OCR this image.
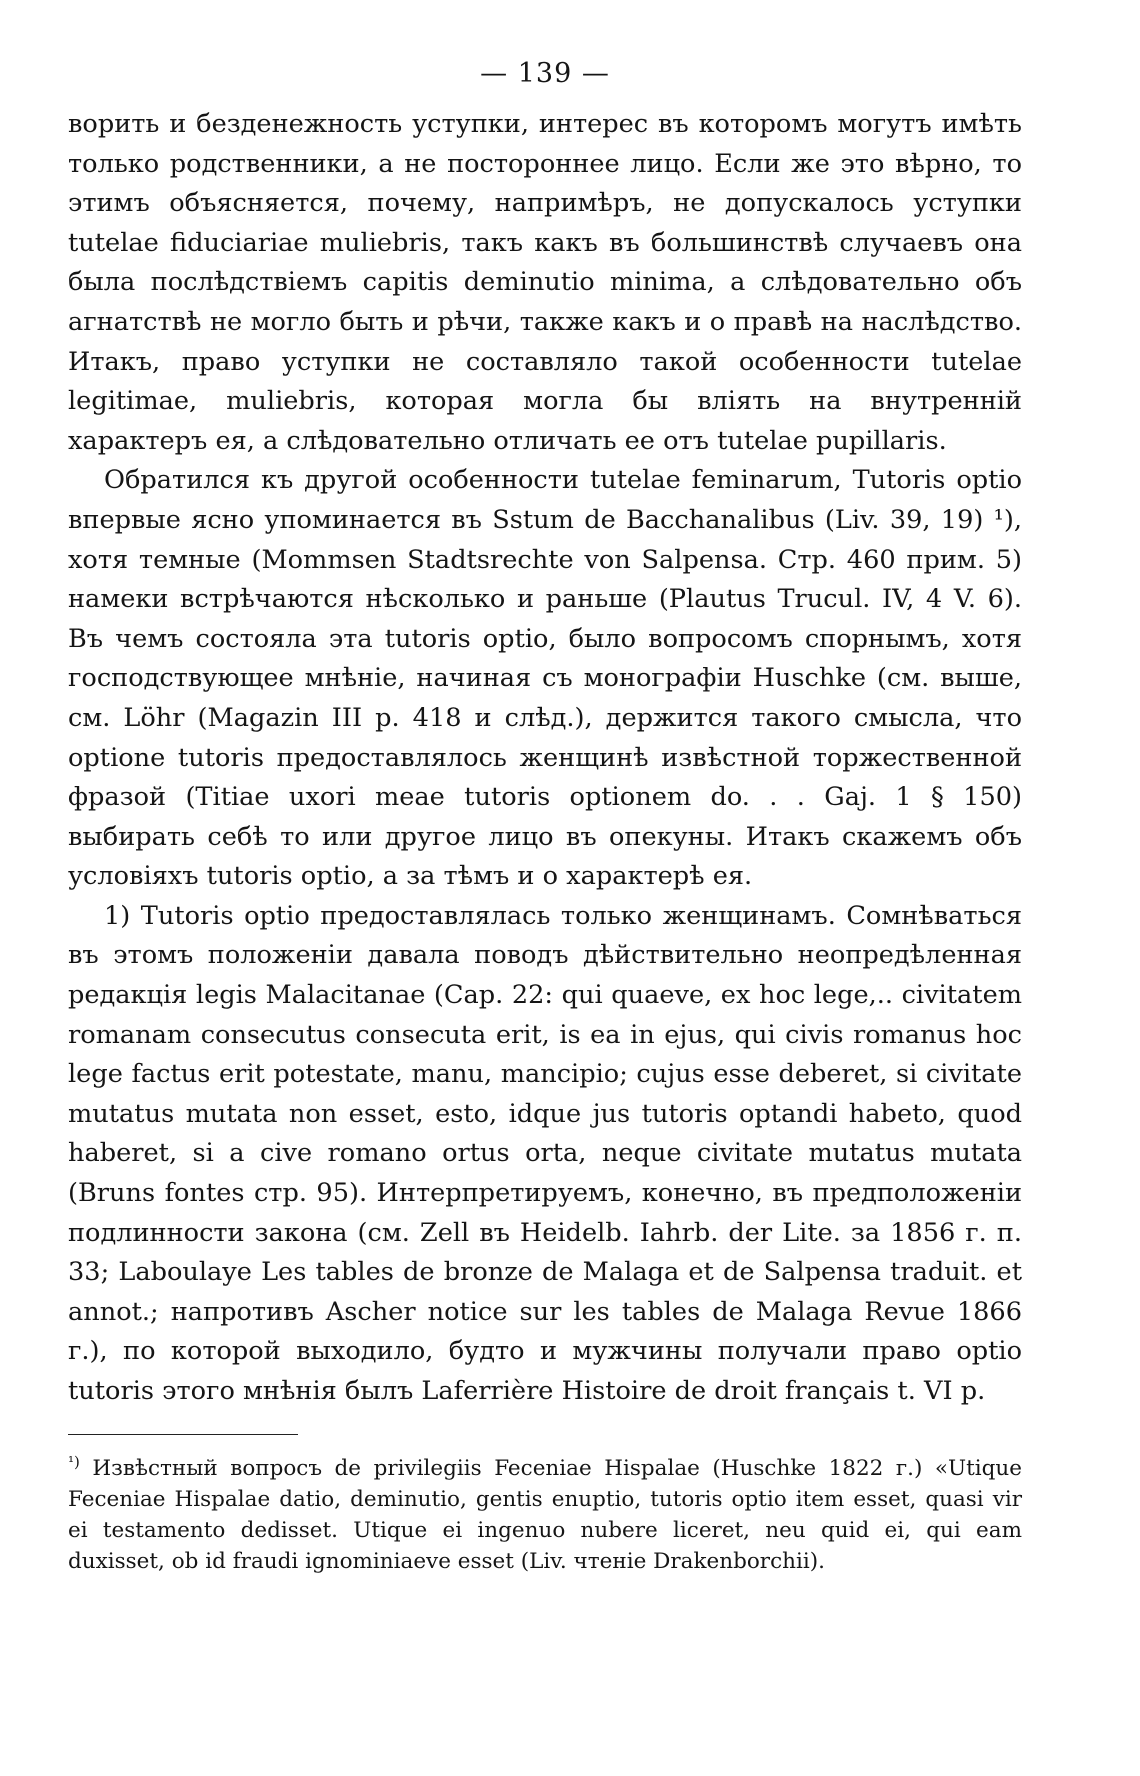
— 139 —

ворить и безденежность уступки, интерес въ которомъ могутъ имѣть только родственники, а не постороннее лицо. Если же это вѣрно, то этимъ объясняется, почему, напримѣръ, не допускалось уступки tutelae fiduciariae muliebris, такъ какъ въ большинствѣ случаевъ она была послѣдствіемъ capitis deminutio minima, а слѣдовательно объ агнатствѣ не могло быть и рѣчи, также какъ и о правѣ на наслѣдство. Итакъ, право уступки не составляло такой особенности tutelae legitimae, muliebris, которая могла бы вліять на внутренній характеръ ея, а слѣдовательно отличать ее отъ tutelae pupillaris.

Обратился къ другой особенности tutelae feminarum, Tutoris optio впервые ясно упоминается въ Sstum de Bacchanalibus (Liv. 39, 19) ¹), хотя темные (Mommsen Stadtsrechte von Salpensa. Стр. 460 прим. 5) намеки встрѣчаются нѣсколько и раньше (Plautus Trucul. IV, 4 V. 6). Въ чемъ состояла эта tutoris optio, было вопросомъ спорнымъ, хотя господствующее мнѣніе, начиная съ монографіи Huschke (см. выше, см. Löhr (Magazin III p. 418 и слѣд.), держится такого смысла, что optione tutoris предоставлялось женщинѣ извѣстной торжественной фразой (Titiae uxori meae tutoris optionem do. . . Gaj. 1 § 150) выбирать себѣ то или другое лицо въ опекуны. Итакъ скажемъ объ условіяхъ tutoris optio, а за тѣмъ и о характерѣ ея.

1) Tutoris optio предоставлялась только женщинамъ. Сомнѣваться въ этомъ положеніи давала поводъ дѣйствительно неопредѣленная редакція legis Malacitanae (Cap. 22: qui quaeve, ex hoc lege,.. civitatem romanam consecutus consecuta erit, is ea in ejus, qui civis romanus hoc lege factus erit potestate, manu, mancipio; cujus esse deberet, si civitate mutatus mutata non esset, esto, idque jus tutoris optandi habeto, quod haberet, si a cive romano ortus orta, neque civitate mutatus mutata (Bruns fontes стр. 95). Интерпретируемъ, конечно, въ предположеніи подлинности закона (см. Zell въ Heidelb. Iahrb. der Lite. за 1856 г. п. 33; Laboulaye Les tables de bronze de Malaga et de Salpensa traduit. et annot.; напротивъ Ascher notice sur les tables de Malaga Revue 1866 г.), по которой выходило, будто и мужчины получали право optio tutoris этого мнѣнія былъ Laferrière Histoire de droit français t. VI p.

$^{^1)}$ Извѣстный вопросъ de privilegiis Feceniae Hispalae (Huschke 1822 г.) «Utique Feceniae Hispalae datio, deminutio, gentis enuptio, tutoris optio item esset, quasi vir ei testamento dedisset. Utique ei ingenuo nubere liceret, neu quid ei, qui eam duxisset, ob id fraudi ignominiaeve esset (Liv. чтеніе Drakenborchii).
